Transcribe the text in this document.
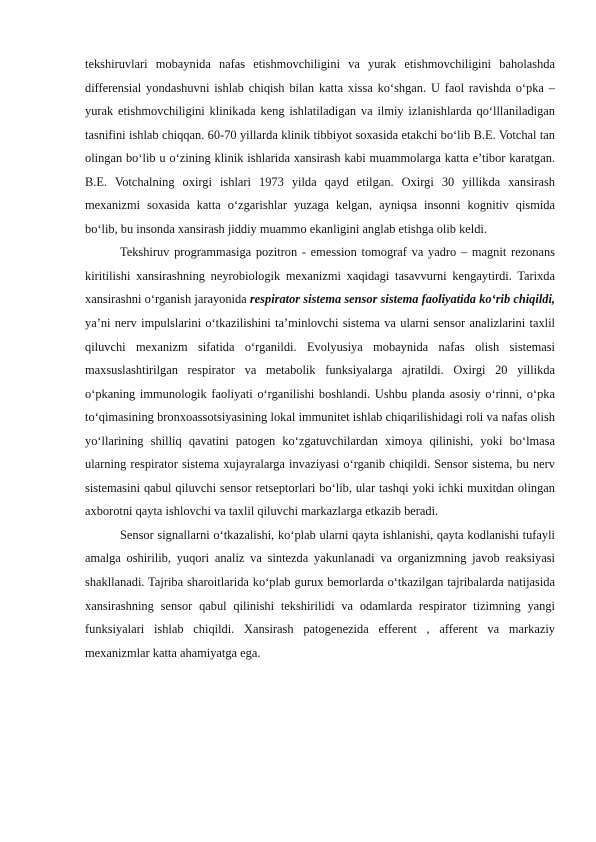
tekshiruvlari mobaynida nafas etishmovchiligini va yurak etishmovchiligini baholashda differensial yondashuvni ishlab chiqish bilan katta xissa ko‘shgan. U faol ravishda o‘pka – yurak etishmovchiligini klinikada keng ishlatiladigan va ilmiy izlanishlarda qo‘lllaniladigan tasnifini ishlab chiqqan. 60-70 yillarda klinik tibbiyot soxasida etakchi bo‘lib B.E. Votchal tan olingan bo‘lib u o‘zining klinik ishlarida xansirash kabi muammolarga katta e’tibor karatgan. B.E. Votchalning oxirgi ishlari 1973 yilda qayd etilgan. Oxirgi 30 yillikda xansirash mexanizmi soxasida katta o‘zgarishlar yuzaga kelgan, ayniqsa insonni kognitiv qismida bo‘lib, bu insonda xansirash jiddiy muammo ekanligini anglab etishga olib keldi.

Tekshiruv programmasiga pozitron - emession tomograf va yadro – magnit rezonans kiritilishi xansirashning neyrobiologik mexanizmi xaqidagi tasavvurni kengaytirdi. Tarixda xansirashni o‘rganish jarayonida respirator sistema sensor sistema faoliyatida ko‘rib chiqildi, ya’ni nerv impulslarini o‘tkazilishini ta’minlovchi sistema va ularni sensor analizlarini taxlil qiluvchi mexanizm sifatida o‘rganildi. Evolyusiya mobaynida nafas olish sistemasi maxsuslashtirilgan respirator va metabolik funksiyalarga ajratildi. Oxirgi 20 yillikda o‘pkaning immunologik faoliyati o‘rganilishi boshlandi. Ushbu planda asosiy o‘rinni, o‘pka to‘qimasining bronxoassotsiyasining lokal immunitet ishlab chiqarilishidagi roli va nafas olish yo‘llarining shilliq qavatini patogen ko‘zgatuvchilardan ximoya qilinishi, yoki bo‘lmasa ularning respirator sistema xujayralarga invaziyasi o‘rganib chiqildi. Sensor sistema, bu nerv sistemasini qabul qiluvchi sensor retseptorlari bo‘lib, ular tashqi yoki ichki muxitdan olingan axborotni qayta ishlovchi va taxlil qiluvchi markazlarga etkazib beradi.

Sensor signallarni o‘tkazalishi, ko‘plab ularni qayta ishlanishi, qayta kodlanishi tufayli amalga oshirilib, yuqori analiz va sintezda yakunlanadi va organizmning javob reaksiyasi shakllanadi. Tajriba sharoitlarida ko‘plab gurux bemorlarda o‘tkazilgan tajribalarda natijasida xansirashning sensor qabul qilinishi tekshirilidi va odamlarda respirator tizimning yangi funksiyalari ishlab chiqildi. Xansirash patogenezida efferent , afferent va markaziy mexanizmlar katta ahamiyatga ega.
